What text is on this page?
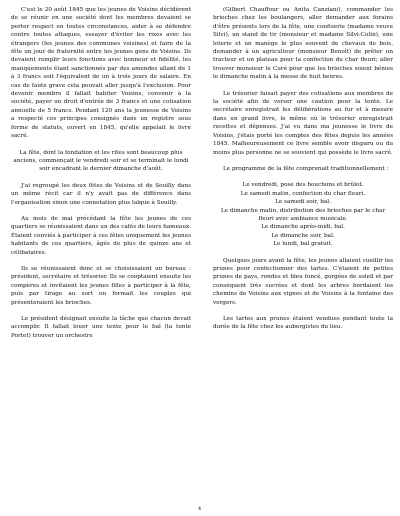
C'est le 20 août 1845 que les jeunes de Voisins décidèrent de se réunir en une société dont les membres devaient se porter respect en toutes circonstances, aider à se défendre contre toutes attaques, essayer d'éviter les rixes avec les étrangers (les jeunes des communes voisines) et faire de la fête un jour de fraternité entre les jeunes gens de Voisins. Ils devaient remplir leurs fonctions avec honneur et fidélité, les manquements étant sanctionnés par des amendes allant de 1 à 3 francs soit l'équivalent de un à trois jours de salaire. En cas de faute grave cela pouvait aller jusqu'à l'exclusion. Pour devenir membre il fallait habiter Voisins, convenir à la société, payer un droit d'entrée de 3 francs et une cotisation annuelle de 5 francs. Pendant 120 ans la jeunesse de Voisins a respecté ces principes consignés dans un registre sous forme de statuts, ouvert en 1845, qu'elle appelait le livre sacré.

La fête, dont la fondation et les rites sont beaucoup plus anciens, commençait le vendredi soir et se terminait le lundi soir encadrant le dernier dimanche d'août.

J'ai regroupé les deux fêtes de Voisins et de Souilly dans un même récit car il n'y avait pas de différence dans l'organisation sinon une connotation plus laïque à Souilly.

Au mois de mai précédant la fête les jeunes de ces quartiers se réunissaient dans un des cafés de leurs hameaux. Étaient conviés à participer à ces fêtes uniquement les jeunes habitants de ces quartiers, âgés de plus de quinze ans et célibataires.

Ils se réunissaient donc et se choisissaient un bureau : président, secrétaire et trésorier. Ils se cooptaient ensuite les compères et invitaient les jeunes filles à participer à la fête, puis par tirage au sort on formait les couples qui présenteraient les brioches.

Le président désignait ensuite la tâche que chacun devait accomplir. Il fallait louer une tente pour le bal (la tente Portet) trouver un orchestre

(Gilbert Chauffour ou Anita Canziani), commander les brioches chez les boulangers, aller demander aux forains d'être présents lors de la fête, une confiserie (madame veuve Silvi), un stand de tir (monsieur et madame Silvi-Colin), une loterie et un manège le plus souvent de chevaux de bois, demander à un agriculteur (monsieur Benoît) de prêter un tracteur et un plateau pour la confection du char fleuri; aller trouver monsieur le Curé pour que les brioches soient bénies le dimanche matin à la messe de huit heures.

Le trésorier faisait payer des cotisations aux membres de la société afin de verser une caution pour la tente. Le secrétaire enregistrait les délibérations au fur et à mesure dans un grand livre, le même où le trésorier enregistrait recettes et dépenses. J'ai vu dans ma jeunesse le livre de Voisins, j'étais porté les comptes des fêtes depuis les années 1845. Malheureusement ce livre semble avoir disparu ou du moins plus personne ne se souvient qui possède le livre sacré.

Le programme de la fête comprenait traditionnellement :

Le vendredi, pose des bouchons et brûlot.
Le samedi matin, confection du char fleuri.
Le samedi soir, bal.
Le dimanche matin, distribution des brioches par le char fleuri avec ambiance musicale.
Le dimanche après-midi, bal.
Le dimanche soir, bal.
Le lundi, bal gratuit.

Quelques jours avant la fête, les jeunes allaient cueillir les prunes pour confectionner des tartes. C'étaient de petites prunes de pays, rondes et bleu foncé, gorgées de soleil et par conséquent très sucrées et dont les arbres bordaient les chemins de Voisins aux vignes et de Voisins à la fontaine des vergers.

Les tartes aux prunes étaient vendues pendant toute la durée de la fête chez les aubergistes du lieu.

4
